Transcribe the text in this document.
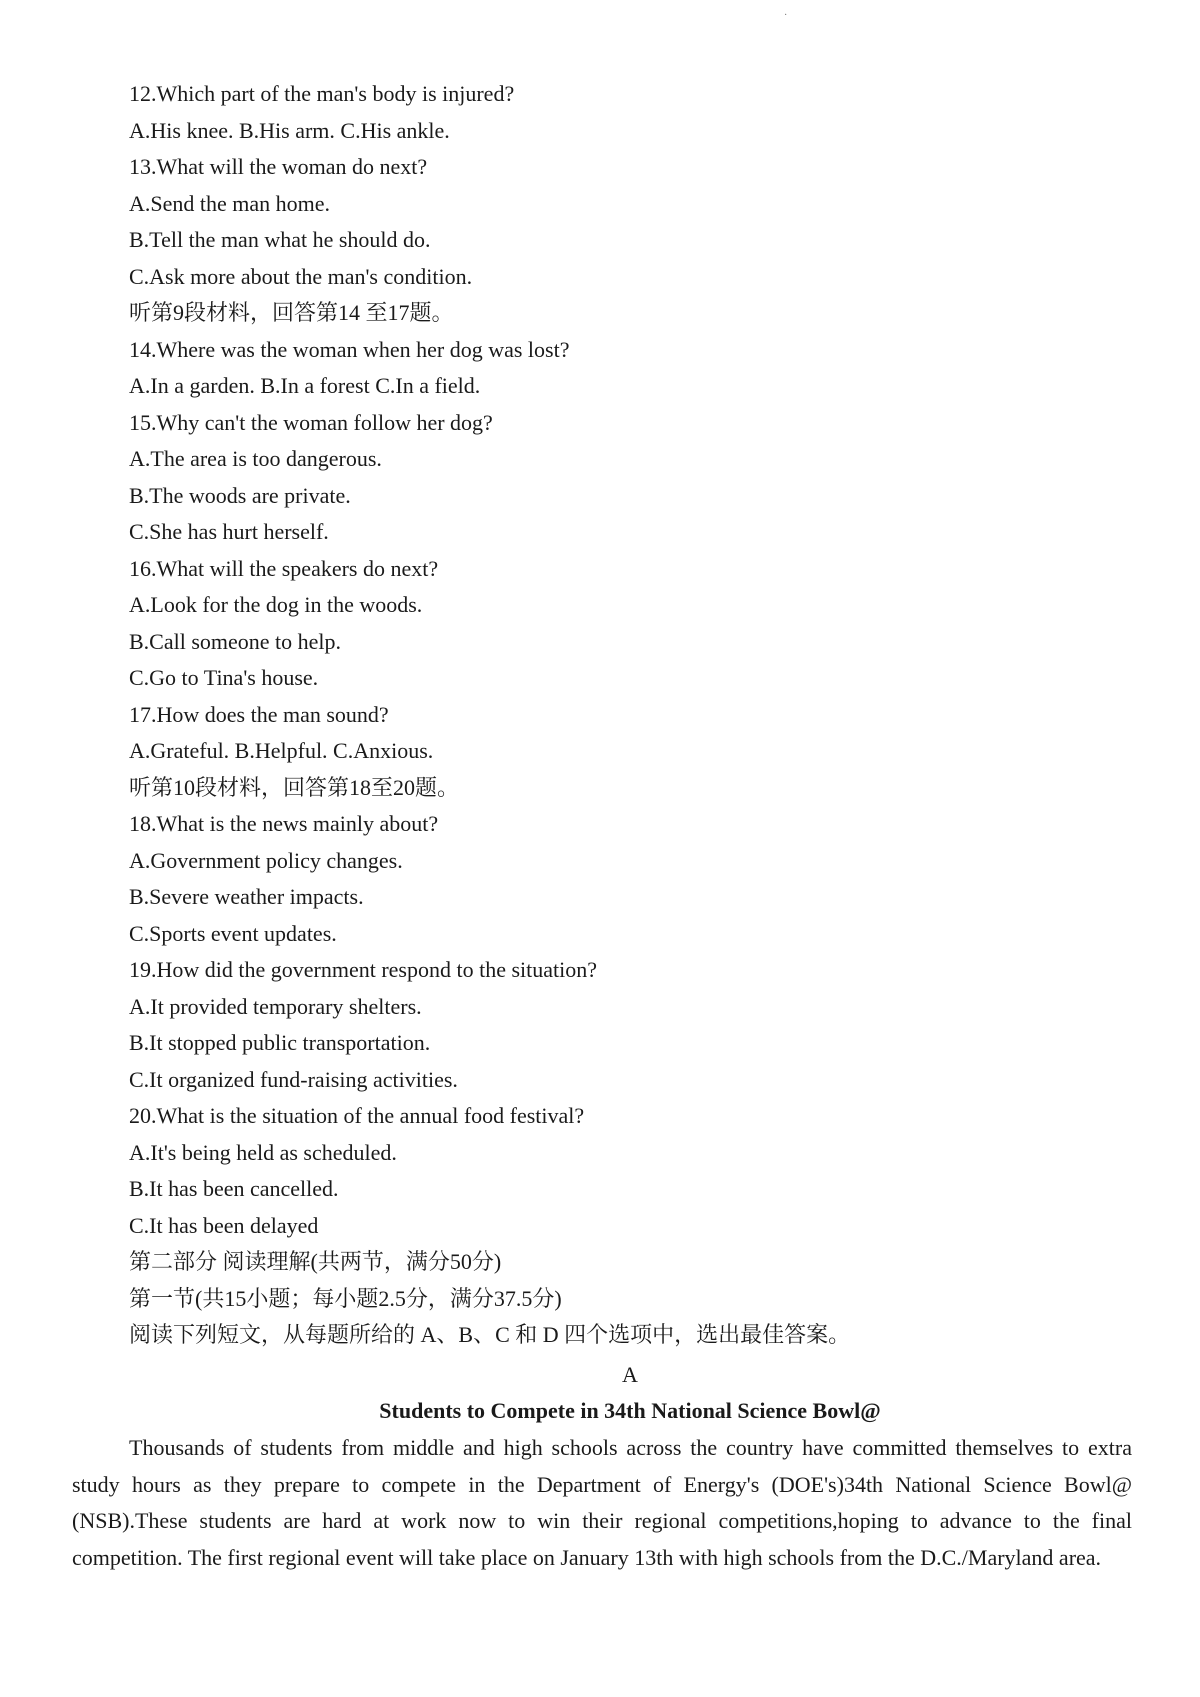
·
12.Which part of the man's body is injured?
A.His knee. B.His arm. C.His ankle.
13.What will the woman do next?
A.Send the man home.
B.Tell the man what he should do.
C.Ask more about the man's condition.
听第9段材料，回答第14 至17题。
14.Where was the woman when her dog was lost?
A.In a garden. B.In a forest C.In a field.
15.Why can't the woman follow her dog?
A.The area is too dangerous.
B.The woods are private.
C.She has hurt herself.
16.What will the speakers do next?
A.Look for the dog in the woods.
B.Call someone to help.
C.Go to Tina's house.
17.How does the man sound?
A.Grateful. B.Helpful. C.Anxious.
听第10段材料，回答第18至20题。
18.What is the news mainly about?
A.Government policy changes.
B.Severe weather impacts.
C.Sports event updates.
19.How did the government respond to the situation?
A.It provided temporary shelters.
B.It stopped public transportation.
C.It organized fund-raising activities.
20.What is the situation of the annual food festival?
A.It's being held as scheduled.
B.It has been cancelled.
C.It has been delayed
第二部分 阅读理解(共两节，满分50分)
第一节(共15小题；每小题2.5分，满分37.5分)
阅读下列短文，从每题所给的 A、B、C 和 D 四个选项中，选出最佳答案。
A
Students to Compete in 34th National Science Bowl@

Thousands of students from middle and high schools across the country have committed themselves to extra study hours as they prepare to compete in the Department of Energy's (DOE's)34th National Science Bowl@ (NSB).These students are hard at work now to win their regional competitions,hoping to advance to the final competition. The first regional event will take place on January 13th with high schools from the D.C./Maryland area.
